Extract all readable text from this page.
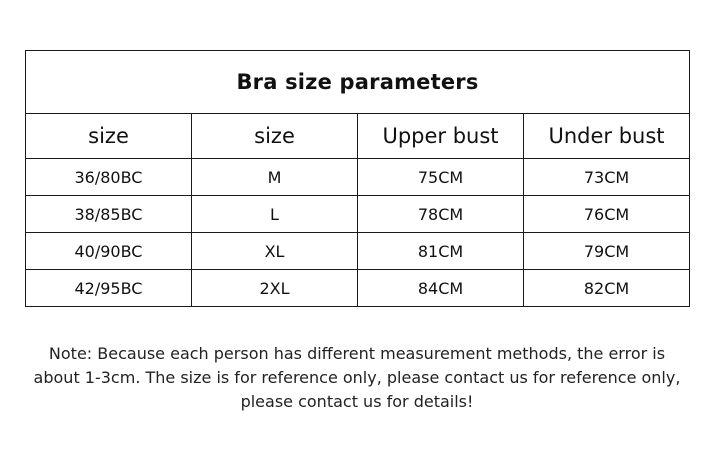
Bra size parameters			
size	size	Upper bust	Under bust
36/80BC	M	75CM	73CM
38/85BC	L	78CM	76CM
40/90BC	XL	81CM	79CM
42/95BC	2XL	84CM	82CM
Note: Because each person has different measurement methods, the error is
about 1-3cm. The size is for reference only, please contact us for reference only,
please contact us for details!
